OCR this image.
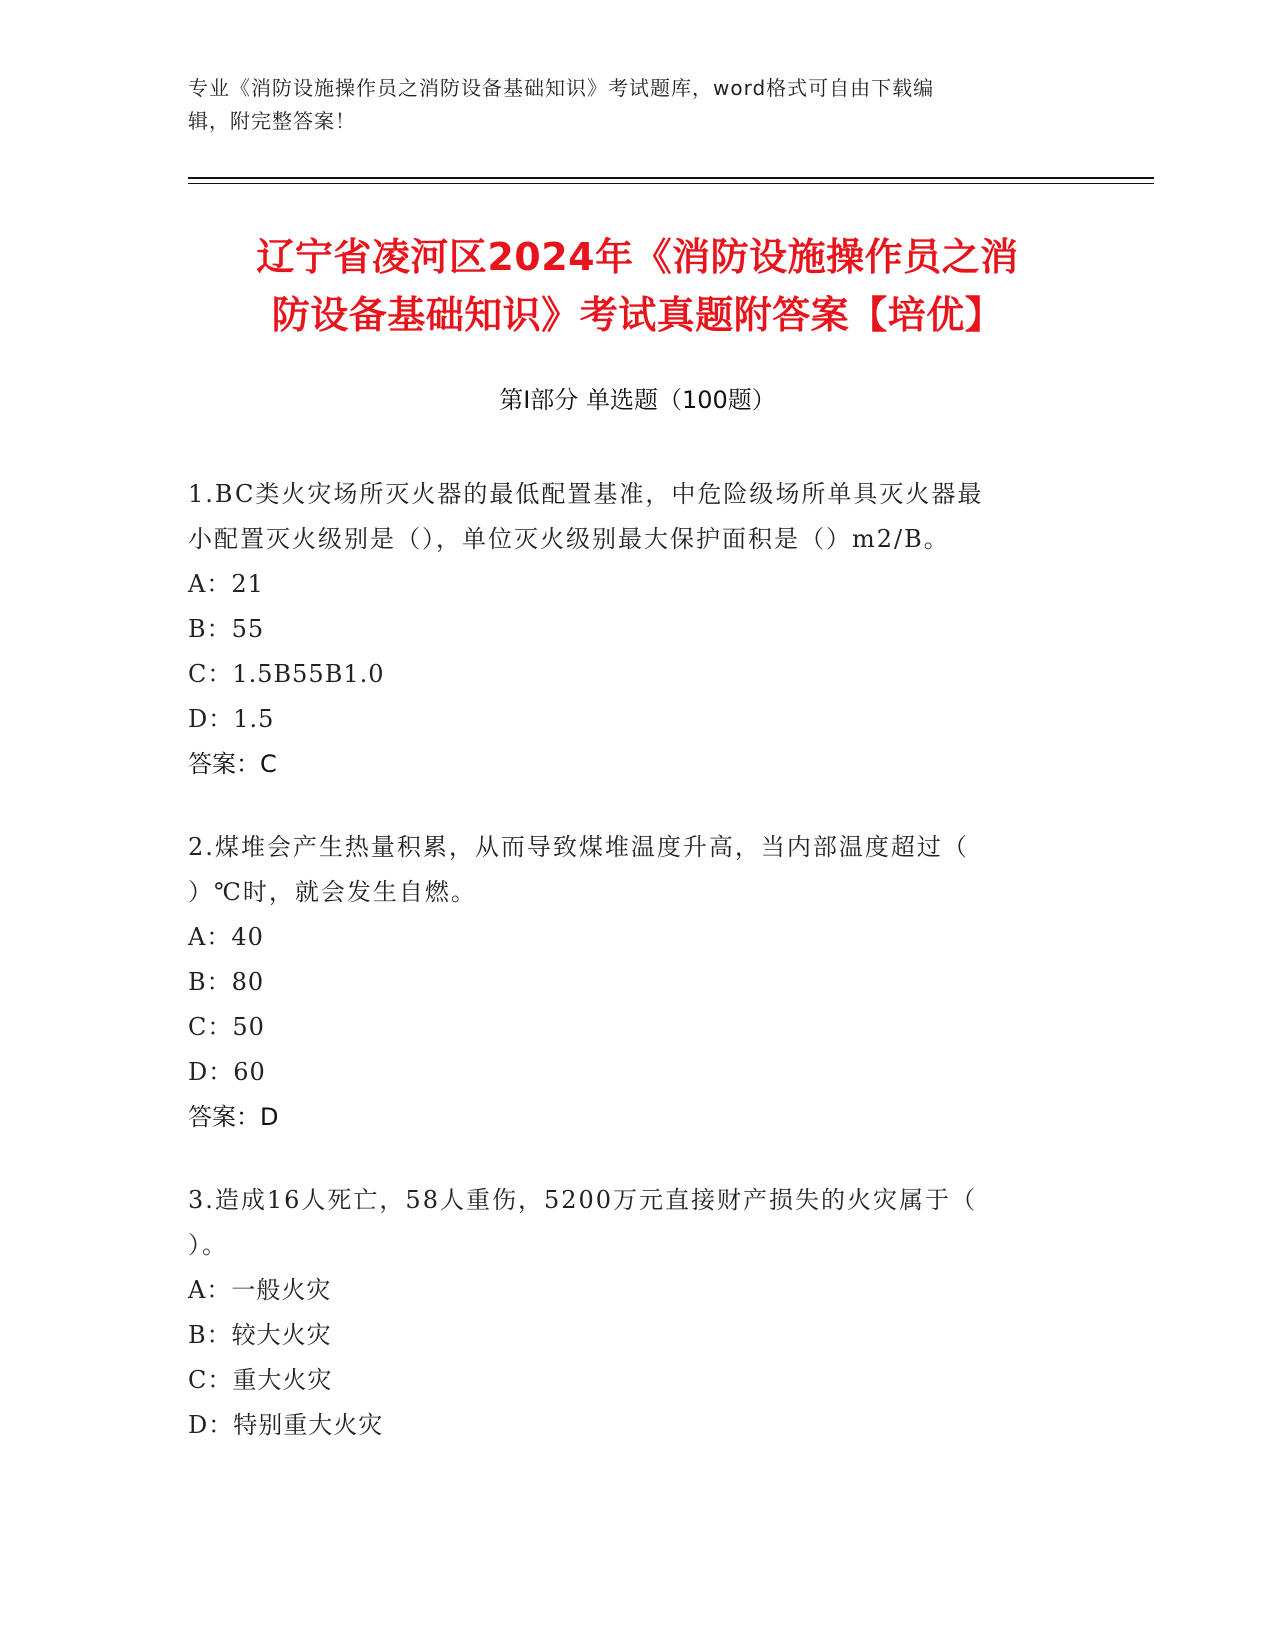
专业《消防设施操作员之消防设备基础知识》考试题库，word格式可自由下载编
辑，附完整答案！
辽宁省凌河区2024年《消防设施操作员之消
防设备基础知识》考试真题附答案【培优】
第I部分 单选题（100题）
1.BC类火灾场所灭火器的最低配置基准，中危险级场所单具灭火器最
小配置灭火级别是（），单位灭火级别最大保护面积是（）m2/B。
A：21
B：55
C：1.5B55B1.0
D：1.5
答案：C
2.煤堆会产生热量积累，从而导致煤堆温度升高，当内部温度超过（
）℃时，就会发生自燃。
A：40
B：80
C：50
D：60
答案：D
3.造成16人死亡，58人重伤，5200万元直接财产损失的火灾属于（
）。
A：一般火灾
B：较大火灾
C：重大火灾
D：特别重大火灾
